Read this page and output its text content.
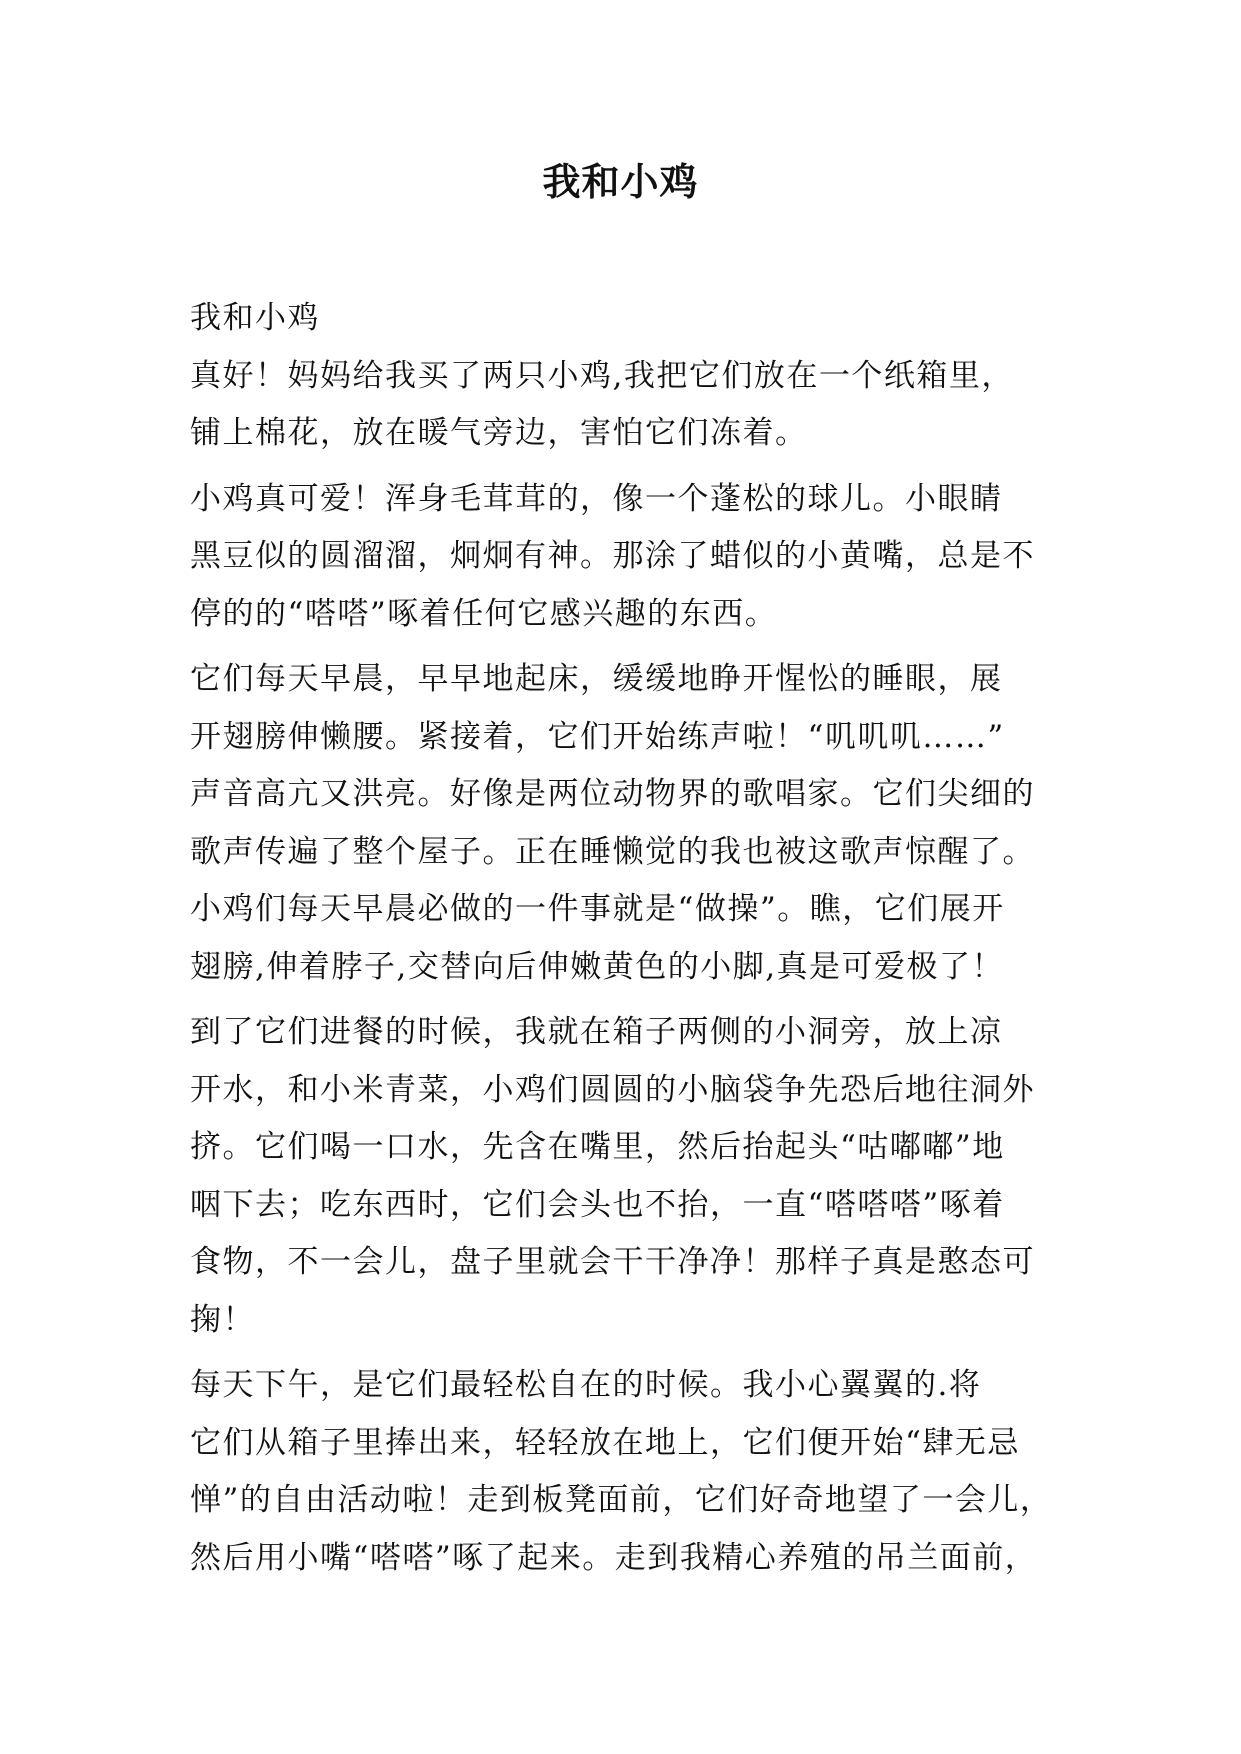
我和小鸡
我和小鸡
真好！妈妈给我买了两只小鸡,我把它们放在一个纸箱里，
铺上棉花，放在暖气旁边，害怕它们冻着。
小鸡真可爱！浑身毛茸茸的，像一个蓬松的球儿。小眼睛
黑豆似的圆溜溜，炯炯有神。那涂了蜡似的小黄嘴，总是不
停的的“嗒嗒”啄着任何它感兴趣的东西。
它们每天早晨，早早地起床，缓缓地睁开惺忪的睡眼，展
开翅膀伸懒腰。紧接着，它们开始练声啦！“叽叽叽……”
声音高亢又洪亮。好像是两位动物界的歌唱家。它们尖细的
歌声传遍了整个屋子。正在睡懒觉的我也被这歌声惊醒了。
小鸡们每天早晨必做的一件事就是“做操”。瞧，它们展开
翅膀,伸着脖子,交替向后伸嫩黄色的小脚,真是可爱极了！
到了它们进餐的时候，我就在箱子两侧的小洞旁，放上凉
开水，和小米青菜，小鸡们圆圆的小脑袋争先恐后地往洞外
挤。它们喝一口水，先含在嘴里，然后抬起头“咕嘟嘟”地
咽下去；吃东西时，它们会头也不抬，一直“嗒嗒嗒”啄着
食物，不一会儿，盘子里就会干干净净！那样子真是憨态可
掬！
每天下午，是它们最轻松自在的时候。我小心翼翼的.将
它们从箱子里捧出来，轻轻放在地上，它们便开始“肆无忌
惮”的自由活动啦！走到板凳面前，它们好奇地望了一会儿，
然后用小嘴“嗒嗒”啄了起来。走到我精心养殖的吊兰面前，
